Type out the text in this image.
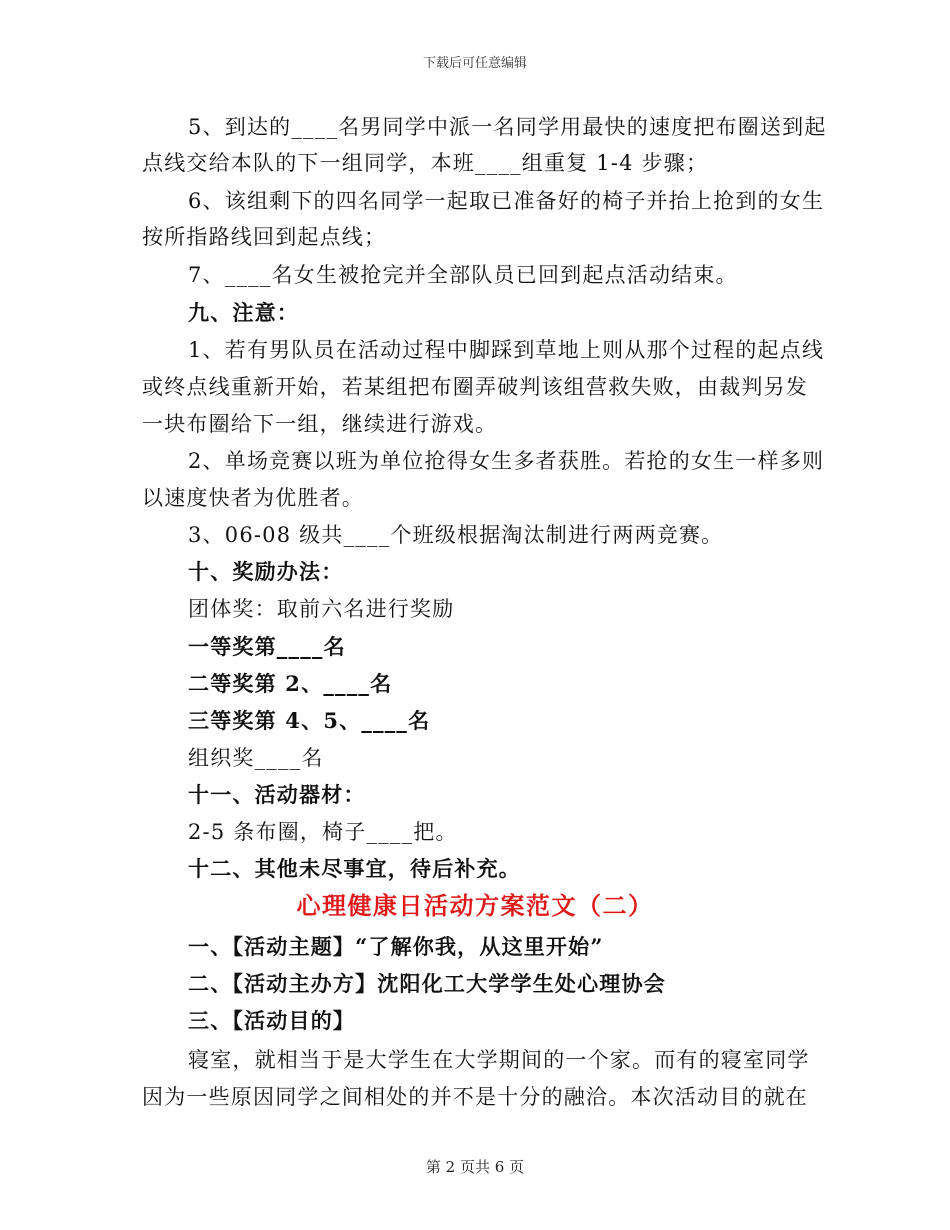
下载后可任意编辑
5、到达的____名男同学中派一名同学用最快的速度把布圈送到起
点线交给本队的下一组同学，本班____组重复 1-4 步骤；
6、该组剩下的四名同学一起取已准备好的椅子并抬上抢到的女生
按所指路线回到起点线；
7、____名女生被抢完并全部队员已回到起点活动结束。
九、注意：
1、若有男队员在活动过程中脚踩到草地上则从那个过程的起点线
或终点线重新开始，若某组把布圈弄破判该组营救失败，由裁判另发
一块布圈给下一组，继续进行游戏。
2、单场竞赛以班为单位抢得女生多者获胜。若抢的女生一样多则
以速度快者为优胜者。
3、06-08 级共____个班级根据淘汰制进行两两竞赛。
十、奖励办法：
团体奖：取前六名进行奖励
一等奖第____名
二等奖第 2、____名
三等奖第 4、5、____名
组织奖____名
十一、活动器材：
2-5 条布圈，椅子____把。
十二、其他未尽事宜，待后补充。
心理健康日活动方案范文（二）
一、【活动主题】“了解你我，从这里开始”
二、【活动主办方】沈阳化工大学学生处心理协会
三、【活动目的】
寝室，就相当于是大学生在大学期间的一个家。而有的寝室同学
因为一些原因同学之间相处的并不是十分的融洽。本次活动目的就在
第 2 页共 6 页
